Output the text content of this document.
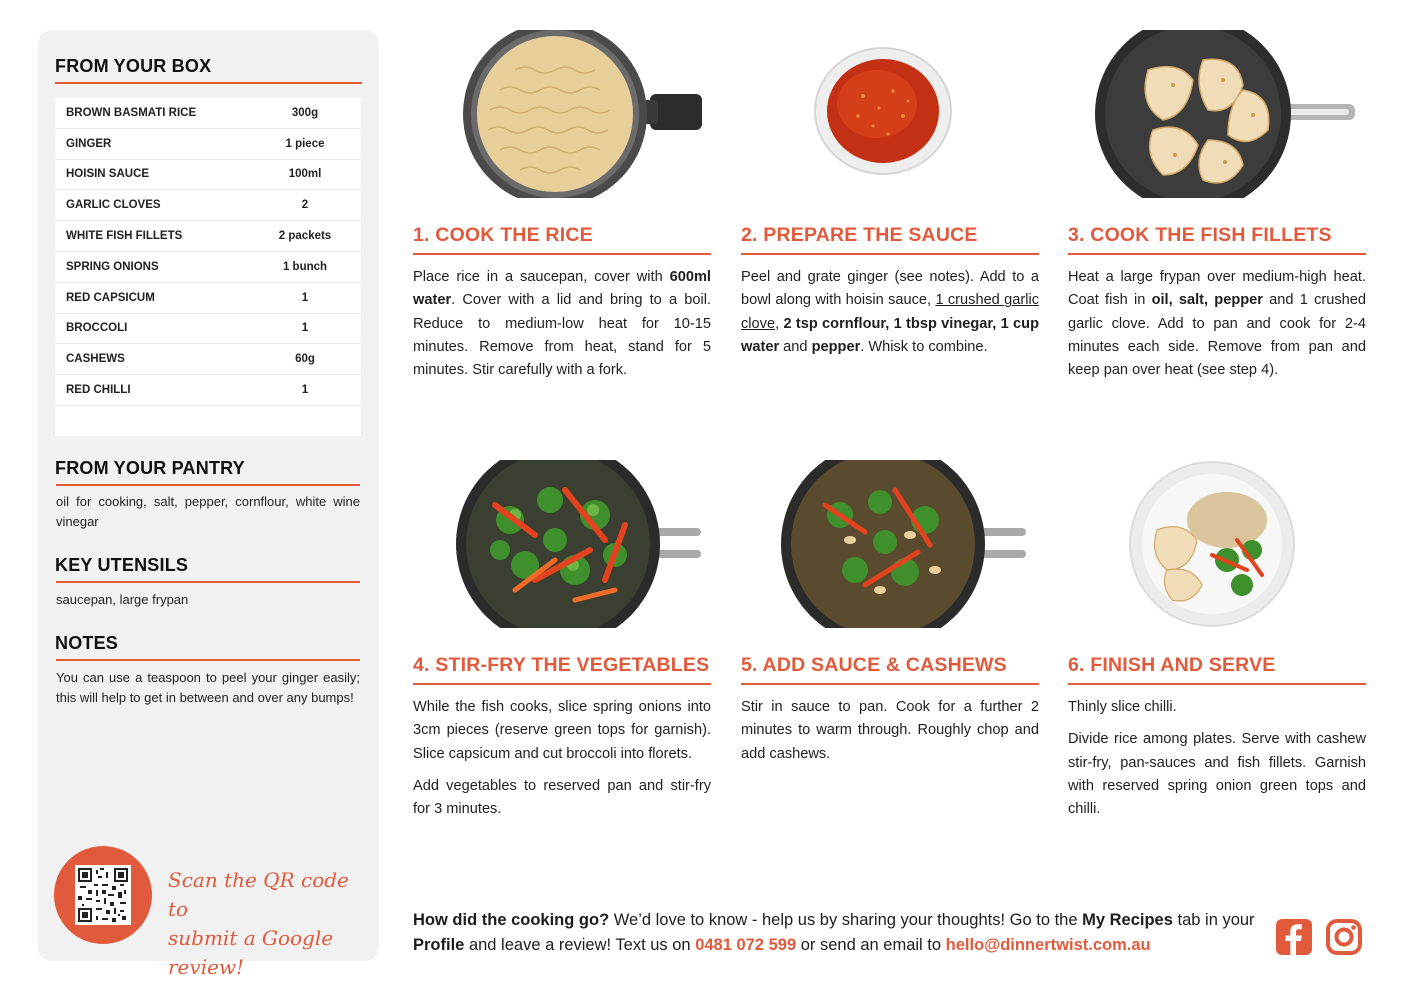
FROM YOUR BOX
BROWN BASMATI RICE	300g
GINGER	1 piece
HOISIN SAUCE	100ml
GARLIC CLOVES	2
WHITE FISH FILLETS	2 packets
SPRING ONIONS	1 bunch
RED CAPSICUM	1
BROCCOLI	1
CASHEWS	60g
RED CHILLI	1
FROM YOUR PANTRY
oil for cooking, salt, pepper, cornflour, white wine vinegar
KEY UTENSILS
saucepan, large frypan
NOTES
You can use a teaspoon to peel your ginger easily; this will help to get in between and over any bumps!
Scan the QR code to
submit a Google review!
1. COOK THE RICE

Place rice in a saucepan, cover with 600ml water. Cover with a lid and bring to a boil. Reduce to medium-low heat for 10-15 minutes. Remove from heat, stand for 5 minutes. Stir carefully with a fork.

2. PREPARE THE SAUCE

Peel and grate ginger (see notes). Add to a bowl along with hoisin sauce, 1 crushed garlic clove, 2 tsp cornflour, 1 tbsp vinegar, 1 cup water and pepper. Whisk to combine.

3. COOK THE FISH FILLETS

Heat a large frypan over medium-high heat. Coat fish in oil, salt, pepper and 1 crushed garlic clove. Add to pan and cook for 2-4 minutes each side. Remove from pan and keep pan over heat (see step 4).

4. STIR-FRY THE VEGETABLES

While the fish cooks, slice spring onions into 3cm pieces (reserve green tops for garnish). Slice capsicum and cut broccoli into florets.

Add vegetables to reserved pan and stir-fry for 3 minutes.

5. ADD SAUCE & CASHEWS

Stir in sauce to pan. Cook for a further 2 minutes to warm through. Roughly chop and add cashews.

6. FINISH AND SERVE

Thinly slice chilli.

Divide rice among plates. Serve with cashew stir-fry, pan-sauces and fish fillets. Garnish with reserved spring onion green tops and chilli.

How did the cooking go? We’d love to know - help us by sharing your thoughts! Go to the My Recipes tab in your Profile and leave a review! Text us on 0481 072 599 or send an email to hello@dinnertwist.com.au
